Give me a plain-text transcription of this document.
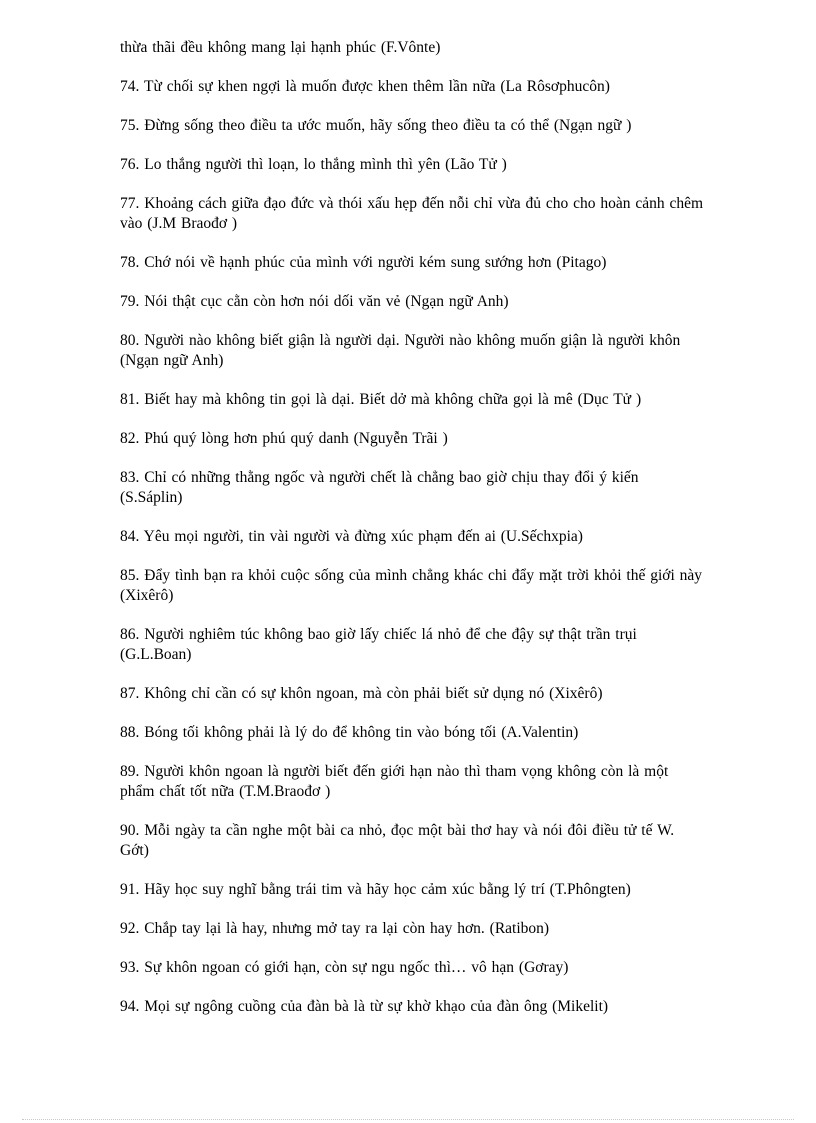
thừa thãi đều không mang lại hạnh phúc (F.Vônte)
74. Từ chối sự khen ngợi là muốn được khen thêm lần nữa (La Rôsơphucôn)
75. Đừng sống theo điều ta ước muốn, hãy sống theo điều ta có thể (Ngạn ngữ )
76. Lo thắng người thì loạn, lo thắng mình thì yên (Lão Tử )
77. Khoảng cách giữa đạo đức và thói xấu hẹp đến nỗi chỉ vừa đủ cho cho hoàn cảnh chêm vào (J.M Braođơ )
78. Chớ nói về hạnh phúc của mình với người kém sung sướng hơn (Pitago)
79. Nói thật cục cằn còn hơn nói dối văn vẻ (Ngạn ngữ Anh)
80. Người nào không biết giận là người dại. Người nào không muốn giận là người khôn (Ngạn ngữ Anh)
81. Biết hay mà không tin gọi là dại. Biết dở mà không chữa gọi là mê (Dục Tử )
82. Phú quý lòng hơn phú quý danh (Nguyễn Trãi )
83. Chỉ có những thằng ngốc và người chết là chẳng bao giờ chịu thay đổi ý kiến (S.Sáplin)
84. Yêu mọi người, tin vài người và đừng xúc phạm đến ai (U.Sếchxpia)
85. Đẩy tình bạn ra khỏi cuộc sống của mình chẳng khác chi đẩy mặt trời khỏi thế giới này (Xixêrô)
86. Người nghiêm túc không bao giờ lấy chiếc lá nhỏ để che đậy sự thật trần trụi (G.L.Boan)
87. Không chỉ cần có sự khôn ngoan, mà còn phải biết sử dụng nó (Xixêrô)
88. Bóng tối không phải là lý do để không tin vào bóng tối (A.Valentin)
89. Người khôn ngoan là người biết đến giới hạn nào thì tham vọng không còn là một phẩm chất tốt nữa (T.M.Braođơ )
90. Mỗi ngày ta cần nghe một bài ca nhỏ, đọc một bài thơ hay và nói đôi điều tử tế W. Gớt)
91. Hãy học suy nghĩ bằng trái tim và hãy học cảm xúc bằng lý trí (T.Phôngten)
92. Chắp tay lại là hay, nhưng mở tay ra lại còn hay hơn. (Ratibon)
93. Sự khôn ngoan có giới hạn, còn sự ngu ngốc thì… vô hạn (Gơray)
94. Mọi sự ngông cuồng của đàn bà là từ sự khờ khạo của đàn ông (Mikelit)
